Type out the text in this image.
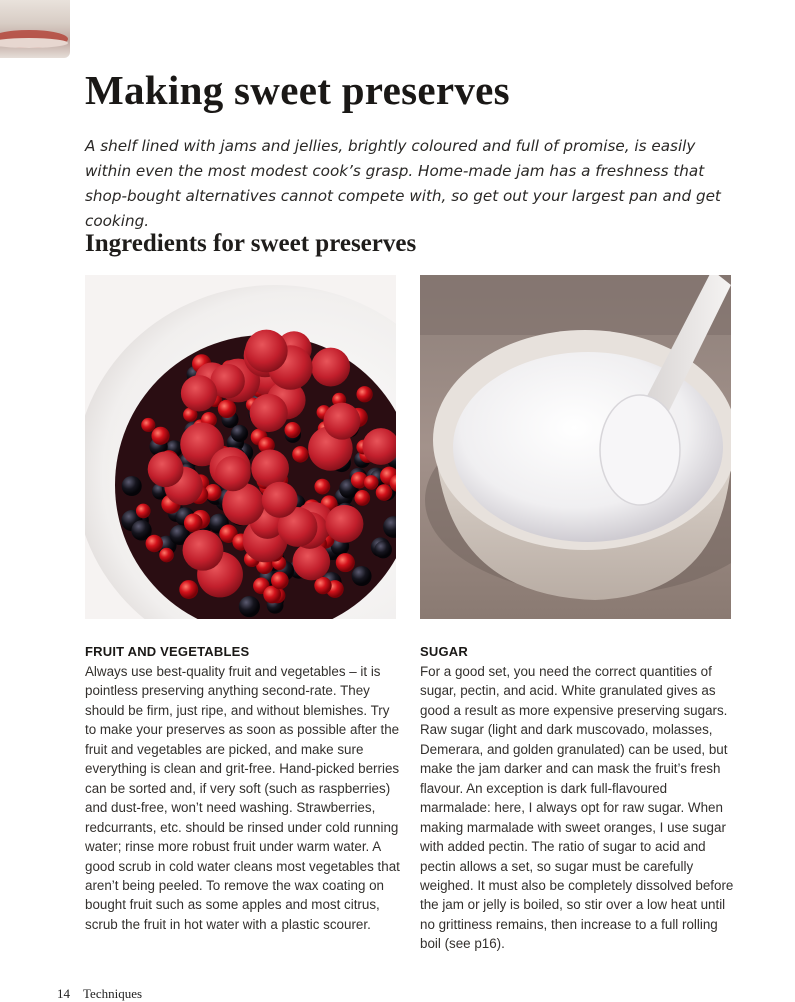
Making sweet preserves

A shelf lined with jams and jellies, brightly coloured and full of promise, is easily within even the most modest cook’s grasp. Home-made jam has a freshness that shop-bought alternatives cannot compete with, so get out your largest pan and get cooking.

Ingredients for sweet preserves
FRUIT AND VEGETABLES

Always use best-quality fruit and vegetables – it is pointless preserving anything second-rate. They should be firm, just ripe, and without blemishes. Try to make your preserves as soon as possible after the fruit and vegetables are picked, and make sure everything is clean and grit-free. Hand-picked berries can be sorted and, if very soft (such as raspberries) and dust-free, won’t need washing. Strawberries, redcurrants, etc. should be rinsed under cold running water; rinse more robust fruit under warm water. A good scrub in cold water cleans most vegetables that aren’t being peeled. To remove the wax coating on bought fruit such as some apples and most citrus, scrub the fruit in hot water with a plastic scourer.

SUGAR

For a good set, you need the correct quantities of sugar, pectin, and acid. White granulated gives as good a result as more expensive preserving sugars. Raw sugar (light and dark muscovado, molasses, Demerara, and golden granulated) can be used, but make the jam darker and can mask the fruit’s fresh flavour. An exception is dark full-flavoured marmalade: here, I always opt for raw sugar. When making marmalade with sweet oranges, I use sugar with added pectin. The ratio of sugar to acid and pectin allows a set, so sugar must be carefully weighed. It must also be completely dissolved before the jam or jelly is boiled, so stir over a low heat until no grittiness remains, then increase to a full rolling boil (see p16).

14 Techniques
